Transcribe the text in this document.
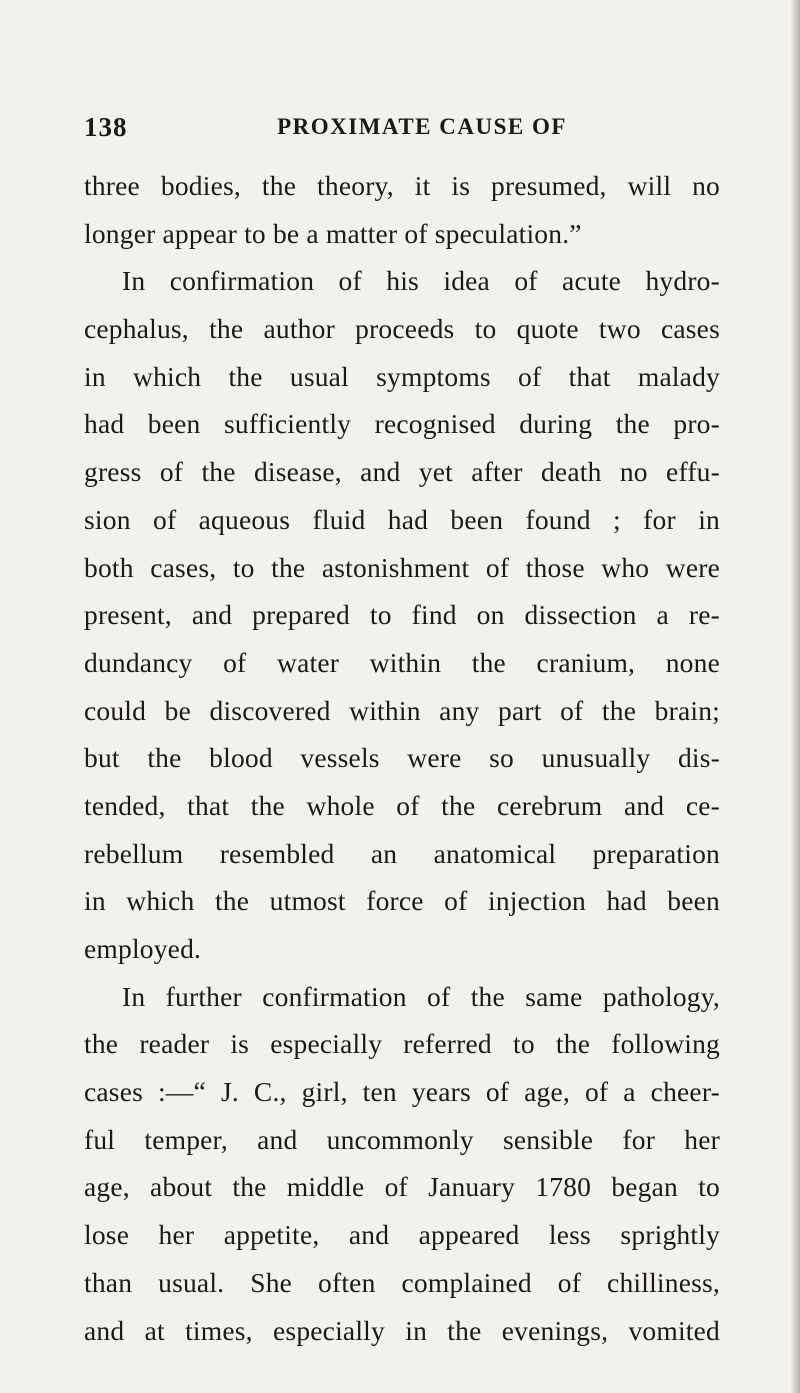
138	PROXIMATE CAUSE OF
three bodies, the theory, it is presumed, will no
longer appear to be a matter of speculation.”
In confirmation of his idea of acute hydro-
cephalus, the author proceeds to quote two cases
in which the usual symptoms of that malady
had been sufficiently recognised during the pro-
gress of the disease, and yet after death no effu-
sion of aqueous fluid had been found ; for in
both cases, to the astonishment of those who were
present, and prepared to find on dissection a re-
dundancy of water within the cranium, none
could be discovered within any part of the brain;
but the blood vessels were so unusually dis-
tended, that the whole of the cerebrum and ce-
rebellum resembled an anatomical preparation
in which the utmost force of injection had been
employed.
In further confirmation of the same pathology,
the reader is especially referred to the following
cases :—“ J. C., girl, ten years of age, of a cheer-
ful temper, and uncommonly sensible for her
age, about the middle of January 1780 began to
lose her appetite, and appeared less sprightly
than usual. She often complained of chilliness,
and at times, especially in the evenings, vomited
